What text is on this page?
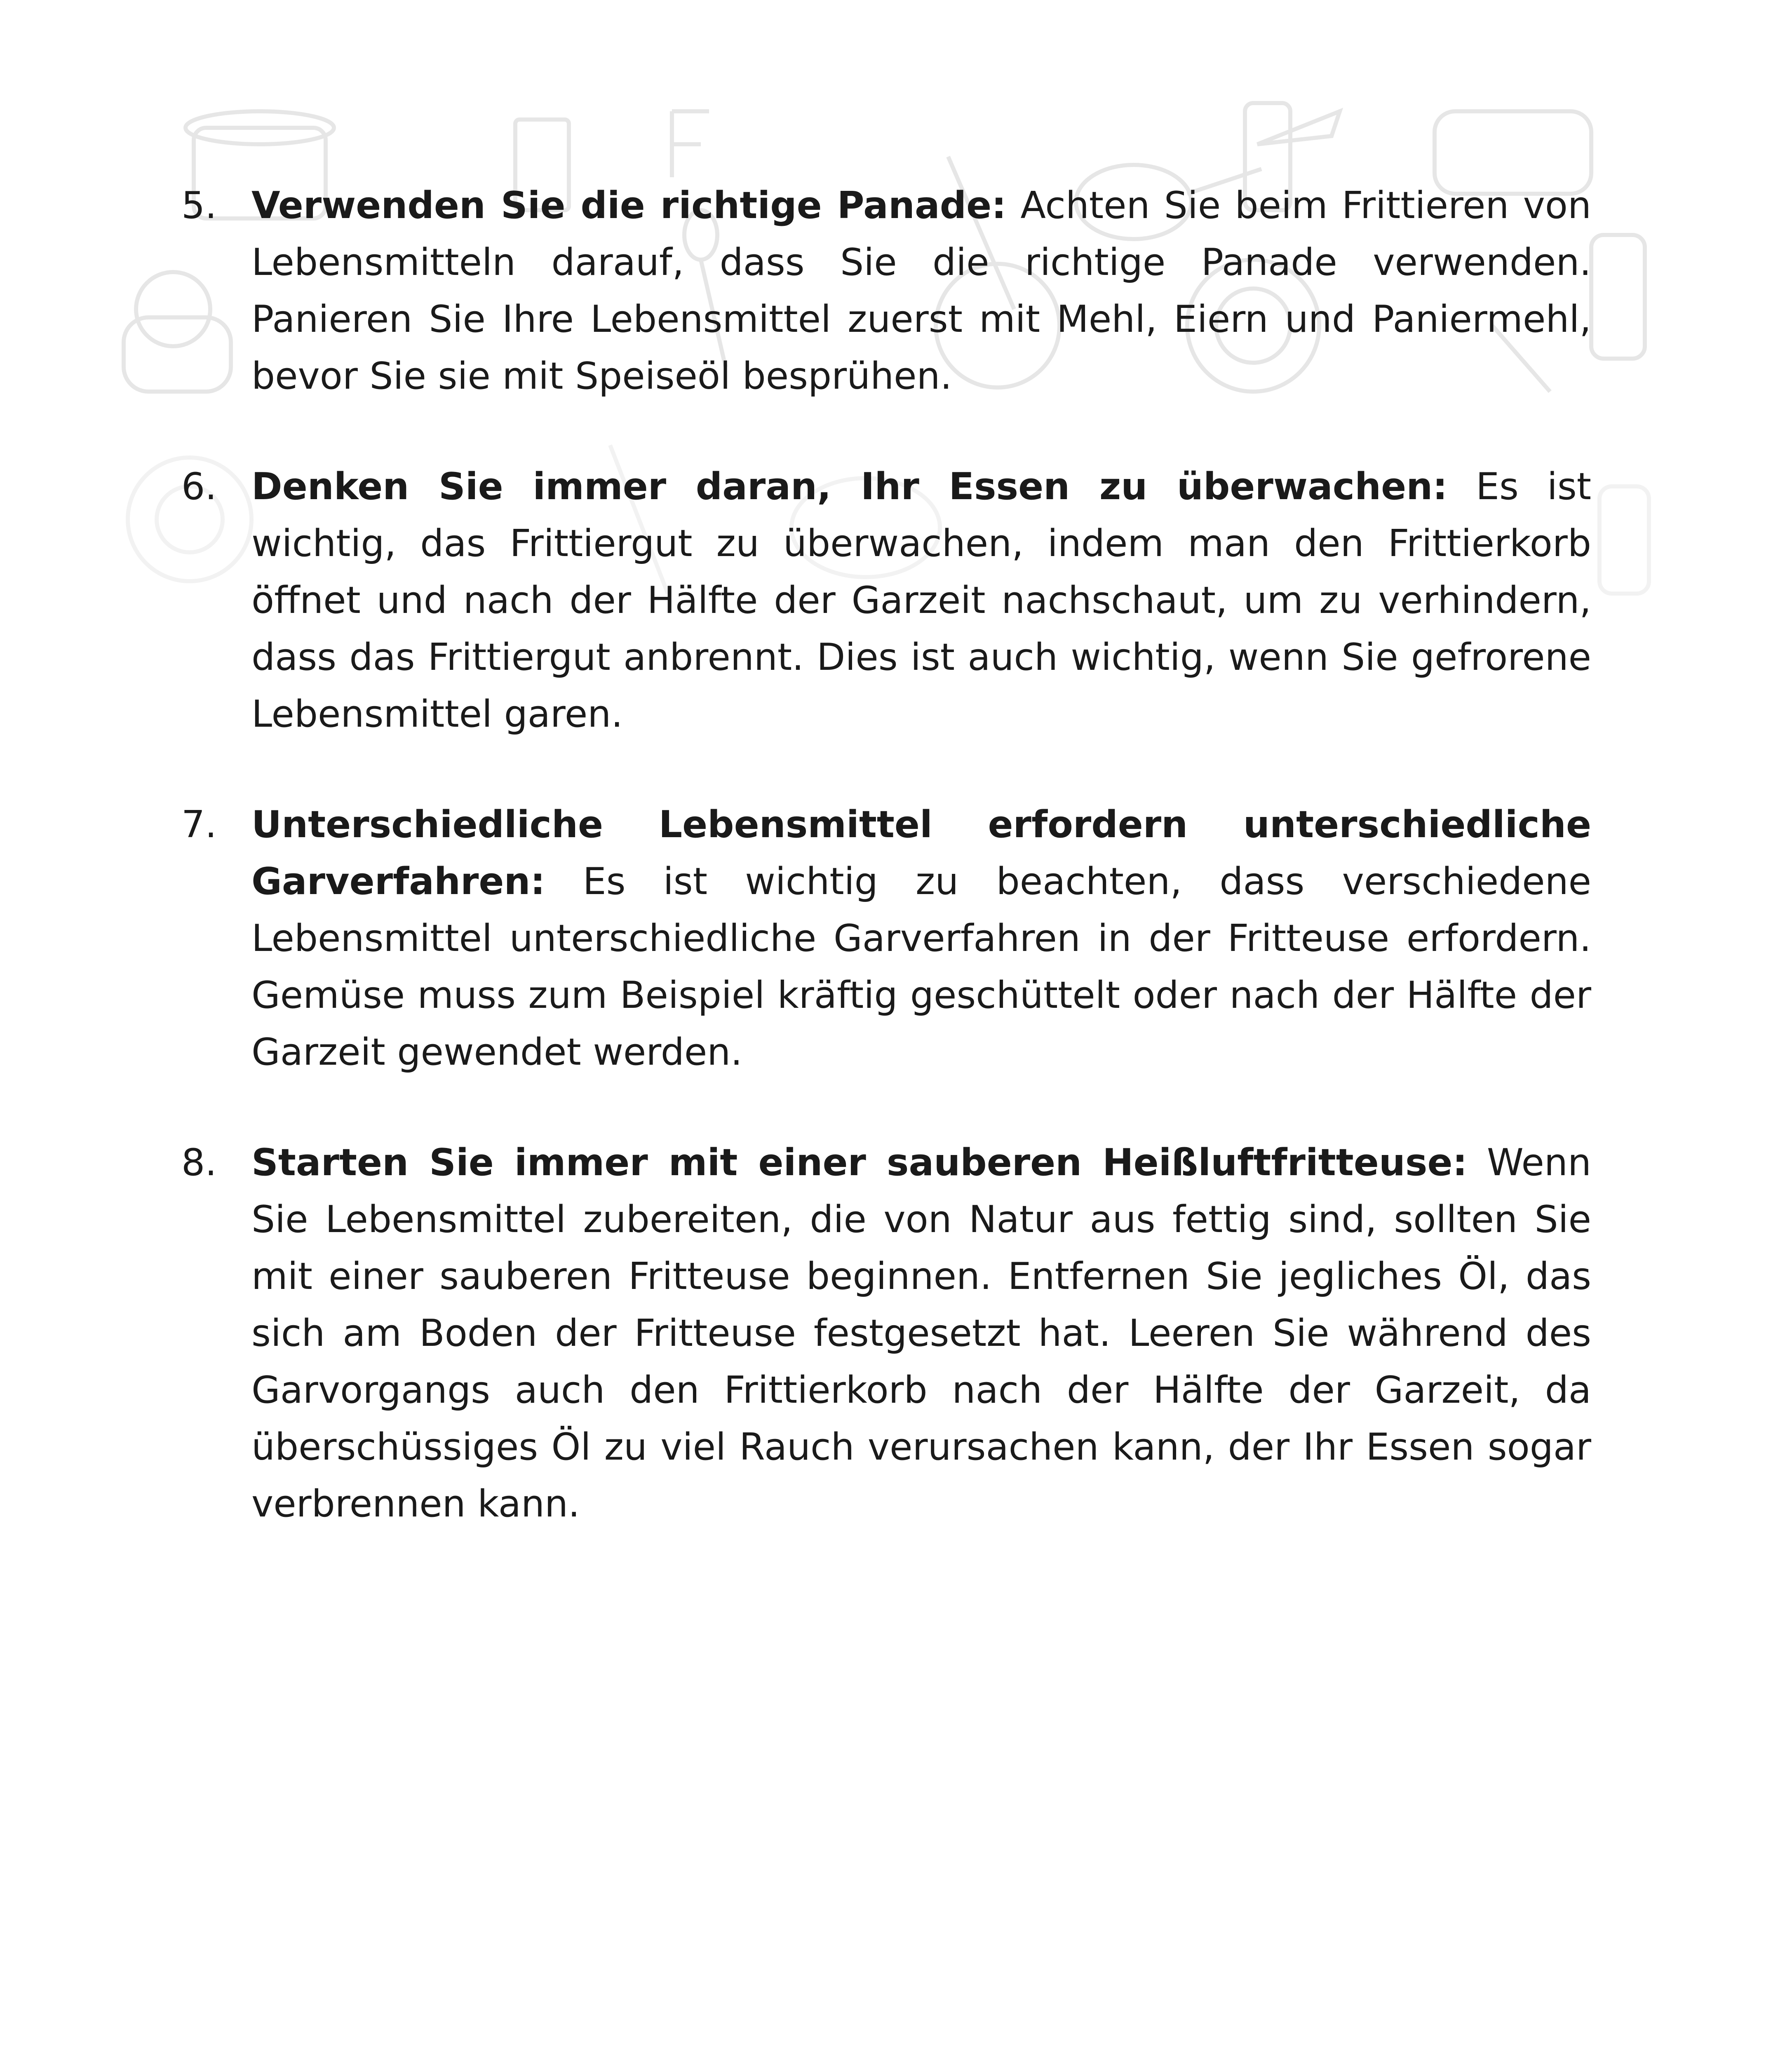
5. Verwenden Sie die richtige Panade: Achten Sie beim Frittieren von Lebensmitteln darauf, dass Sie die richtige Panade verwenden. Panieren Sie Ihre Lebensmittel zuerst mit Mehl, Eiern und Paniermehl, bevor Sie sie mit Speiseöl besprühen.

6. Denken Sie immer daran, Ihr Essen zu überwachen: Es ist wichtig, das Frittiergut zu überwachen, indem man den Frittierkorb öffnet und nach der Hälfte der Garzeit nachschaut, um zu verhindern, dass das Frittiergut anbrennt. Dies ist auch wichtig, wenn Sie gefrorene Lebensmittel garen.

7. Unterschiedliche Lebensmittel erfordern unterschiedliche Garverfahren: Es ist wichtig zu beachten, dass verschiedene Lebensmittel unterschiedliche Garverfahren in der Fritteuse erfordern. Gemüse muss zum Beispiel kräftig geschüttelt oder nach der Hälfte der Garzeit gewendet werden.

8. Starten Sie immer mit einer sauberen Heißluftfritteuse: Wenn Sie Lebensmittel zubereiten, die von Natur aus fettig sind, sollten Sie mit einer sauberen Fritteuse beginnen. Entfernen Sie jegliches Öl, das sich am Boden der Fritteuse festgesetzt hat. Leeren Sie während des Garvorgangs auch den Frittierkorb nach der Hälfte der Garzeit, da überschüssiges Öl zu viel Rauch verursachen kann, der Ihr Essen sogar verbrennen kann.
